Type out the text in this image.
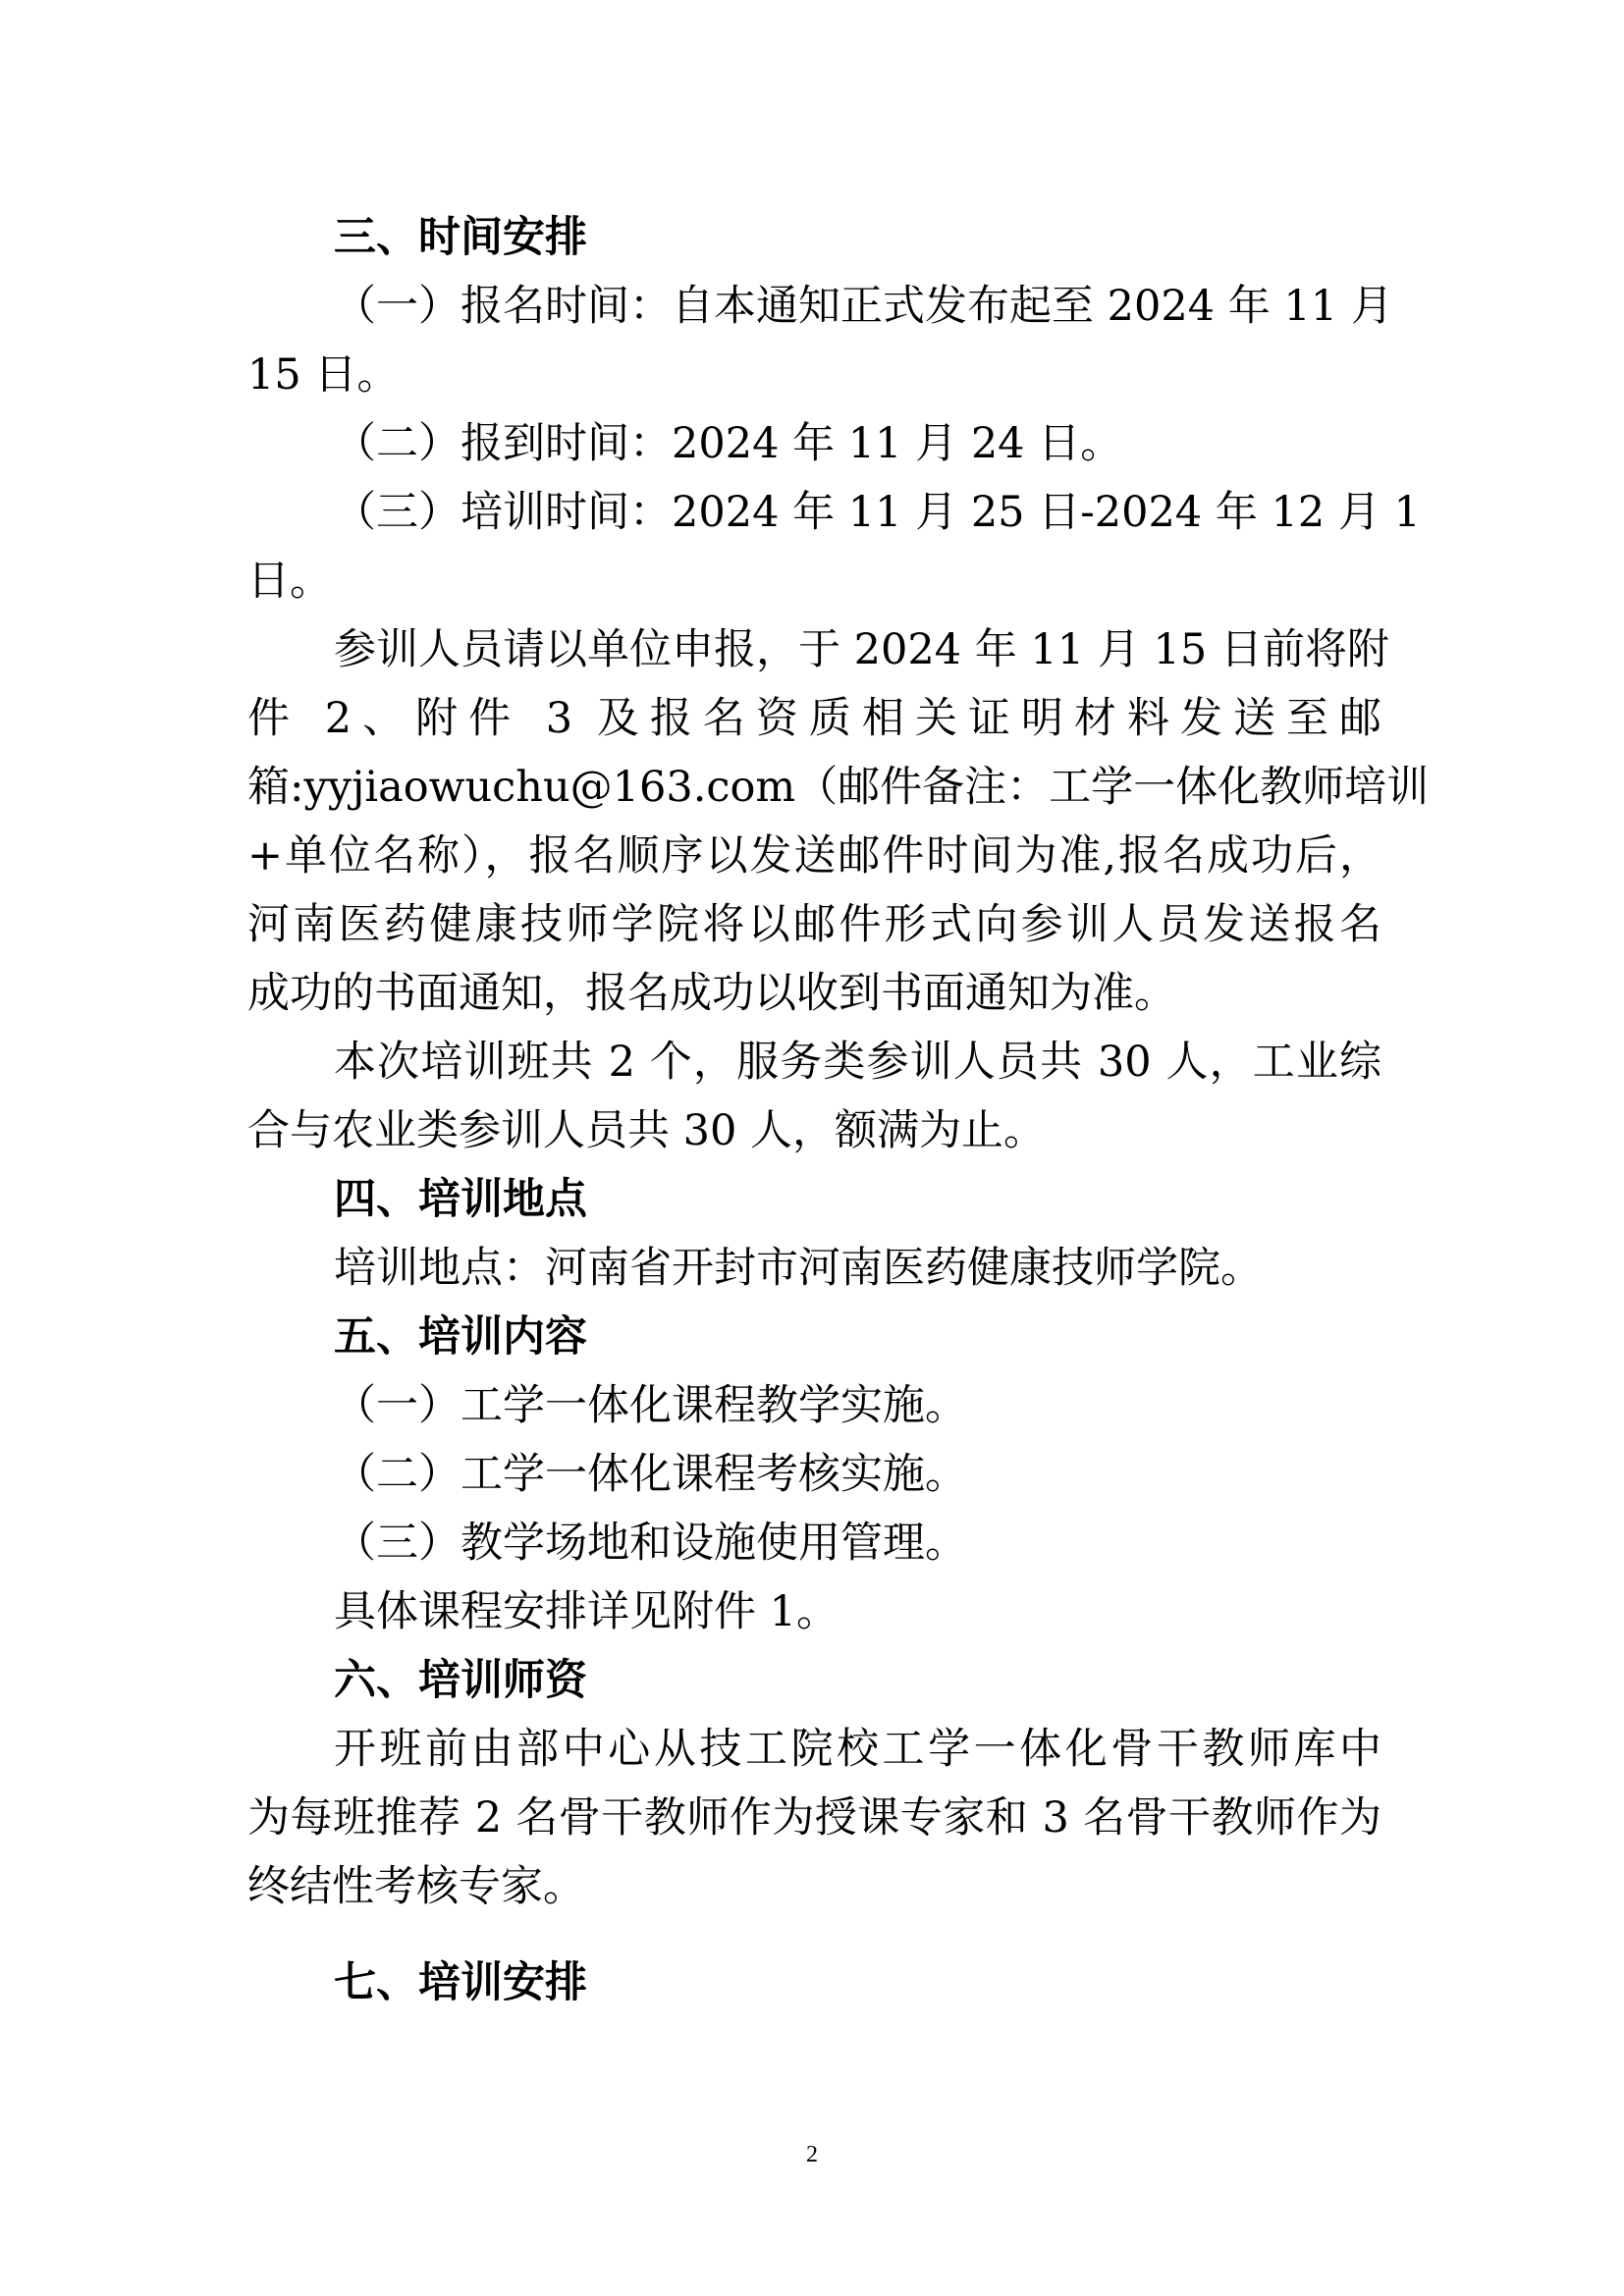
三、时间安排
（一）报名时间：自本通知正式发布起至 2024 年 11 月
15 日。
（二）报到时间：2024 年 11 月 24 日。
（三）培训时间：2024 年 11 月 25 日-2024 年 12 月 1
日。
参训人员请以单位申报，于 2024 年 11 月 15 日前将附
件 2、附件 3 及报名资质相关证明材料发送至邮
箱:yyjiaowuchu@163.com（邮件备注：工学一体化教师培训
+单位名称），报名顺序以发送邮件时间为准,报名成功后，
河南医药健康技师学院将以邮件形式向参训人员发送报名
成功的书面通知，报名成功以收到书面通知为准。
本次培训班共 2 个，服务类参训人员共 30 人，工业综
合与农业类参训人员共 30 人，额满为止。
四、培训地点
培训地点：河南省开封市河南医药健康技师学院。
五、培训内容
（一）工学一体化课程教学实施。
（二）工学一体化课程考核实施。
（三）教学场地和设施使用管理。
具体课程安排详见附件 1。
六、培训师资
开班前由部中心从技工院校工学一体化骨干教师库中
为每班推荐 2 名骨干教师作为授课专家和 3 名骨干教师作为
终结性考核专家。
七、培训安排
2
